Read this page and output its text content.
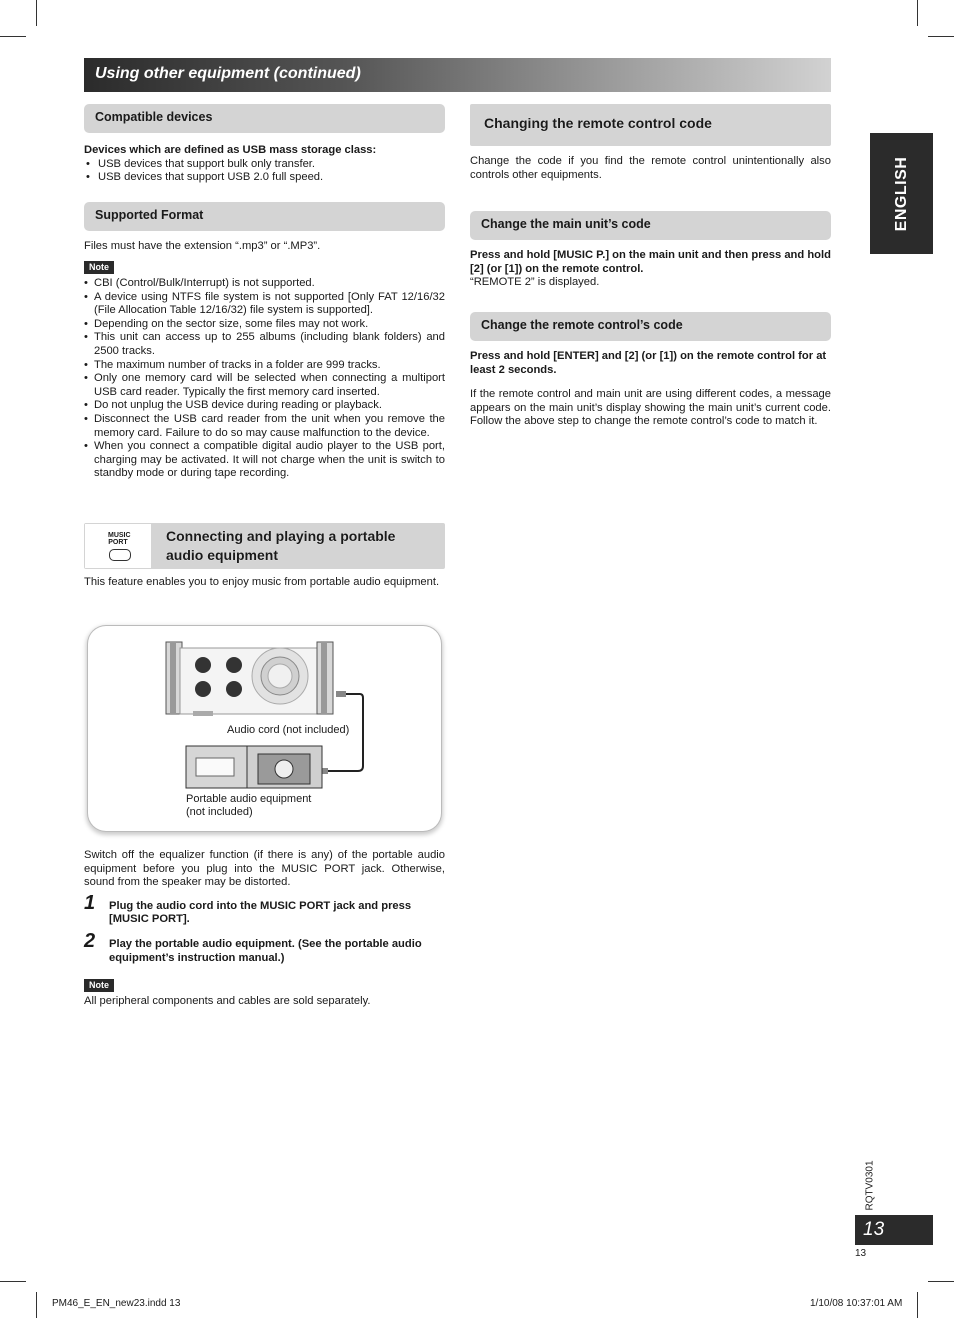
Using other equipment (continued)
ENGLISH
Compatible devices

Devices which are defined as USB mass storage class:

• USB devices that support bulk only transfer.
• USB devices that support USB 2.0 full speed.
Supported Format

Files must have the extension “.mp3” or “.MP3”.

Note
• CBI (Control/Bulk/Interrupt) is not supported.
• A device using NTFS file system is not supported [Only FAT 12/16/32 (File Allocation Table 12/16/32) file system is supported].
• Depending on the sector size, some files may not work.
• This unit can access up to 255 albums (including blank folders) and 2500 tracks.
• The maximum number of tracks in a folder are 999 tracks.
• Only one memory card will be selected when connecting a multiport USB card reader. Typically the first memory card inserted.
• Do not unplug the USB device during reading or playback.
• Disconnect the USB card reader from the unit when you remove the memory card. Failure to do so may cause malfunction to the device.
• When you connect a compatible digital audio player to the USB port, charging may be activated. It will not charge when the unit is switch to standby mode or during tape recording.
MUSIC PORT	Connecting and playing a portable audio equipment

This feature enables you to enjoy music from portable audio equipment.

Audio cord (not included)
Portable audio equipment
(not included)

Switch off the equalizer function (if there is any) of the portable audio equipment before you plug into the MUSIC PORT jack. Otherwise, sound from the speaker may be distorted.

1 Plug the audio cord into the MUSIC PORT jack and press [MUSIC PORT].
2 Play the portable audio equipment. (See the portable audio equipment’s instruction manual.)
Note

All peripheral components and cables are sold separately.

Changing the remote control code

Change the code if you find the remote control unintentionally also controls other equipments.

Change the main unit’s code

Press and hold [MUSIC P.] on the main unit and then press and hold [2] (or [1]) on the remote control.

“REMOTE 2” is displayed.

Change the remote control’s code

Press and hold [ENTER] and [2] (or [1]) on the remote control for at least 2 seconds.

If the remote control and main unit are using different codes, a message appears on the main unit’s display showing the main unit’s current code. Follow the above step to change the remote control’s code to match it.

RQTV0301
13
13
PM46_E_EN_new23.indd 13	1/10/08 10:37:01 AM
